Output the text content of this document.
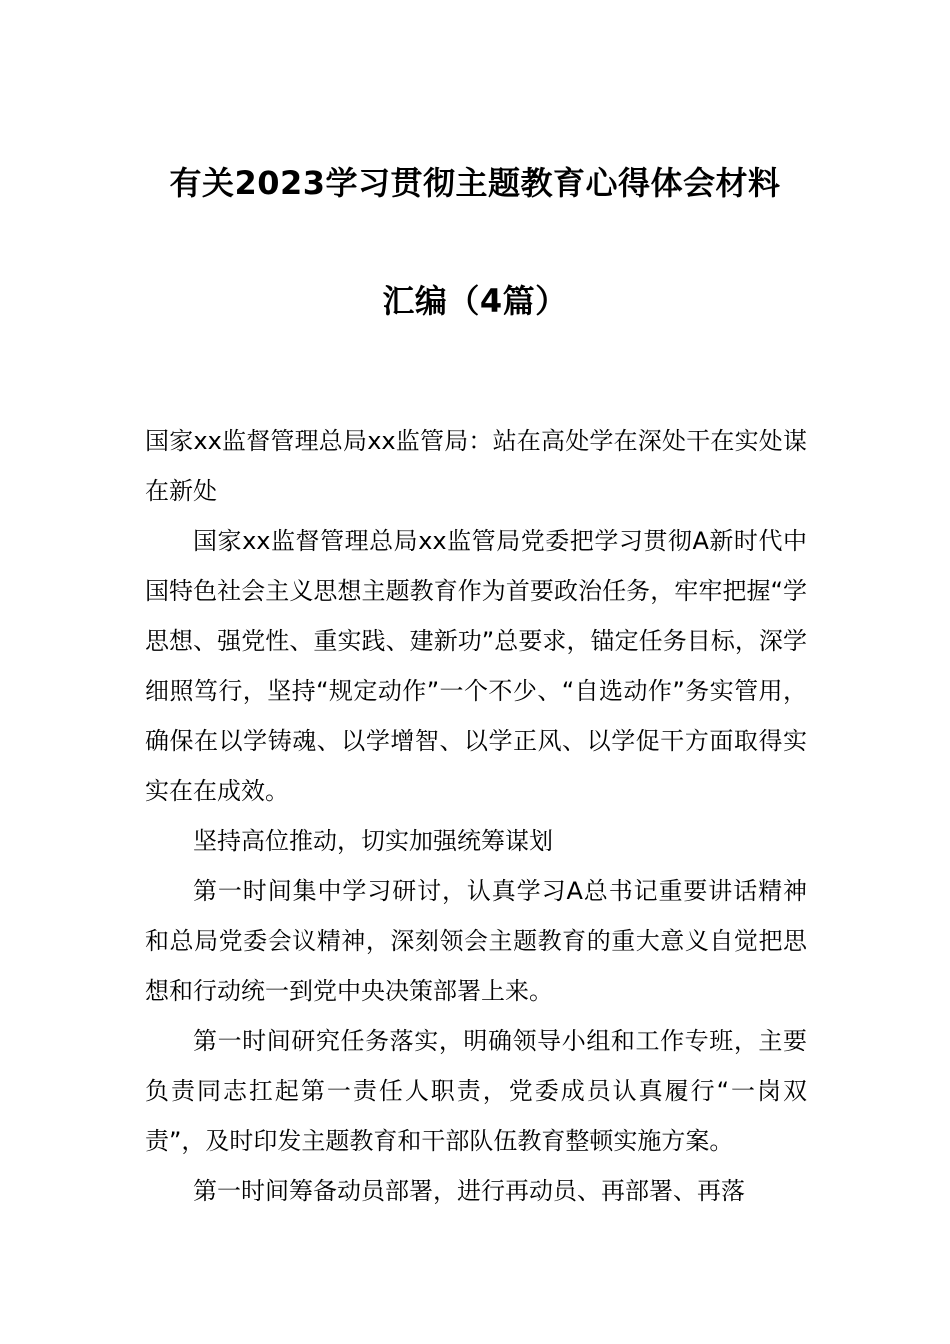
有关2023学习贯彻主题教育心得体会材料
汇编（4篇）
国家xx监督管理总局xx监管局：站在高处学在深处干在实处谋在新处

国家xx监督管理总局xx监管局党委把学习贯彻A新时代中国特色社会主义思想主题教育作为首要政治任务，牢牢把握“学思想、强党性、重实践、建新功”总要求，锚定任务目标，深学细照笃行，坚持“规定动作”一个不少、“自选动作”务实管用，确保在以学铸魂、以学增智、以学正风、以学促干方面取得实实在在成效。

坚持高位推动，切实加强统筹谋划

第一时间集中学习研讨，认真学习A总书记重要讲话精神和总局党委会议精神，深刻领会主题教育的重大意义自觉把思想和行动统一到党中央决策部署上来。

第一时间研究任务落实，明确领导小组和工作专班，主要负责同志扛起第一责任人职责，党委成员认真履行“一岗双责”，及时印发主题教育和干部队伍教育整顿实施方案。

第一时间筹备动员部署，进行再动员、再部署、再落
